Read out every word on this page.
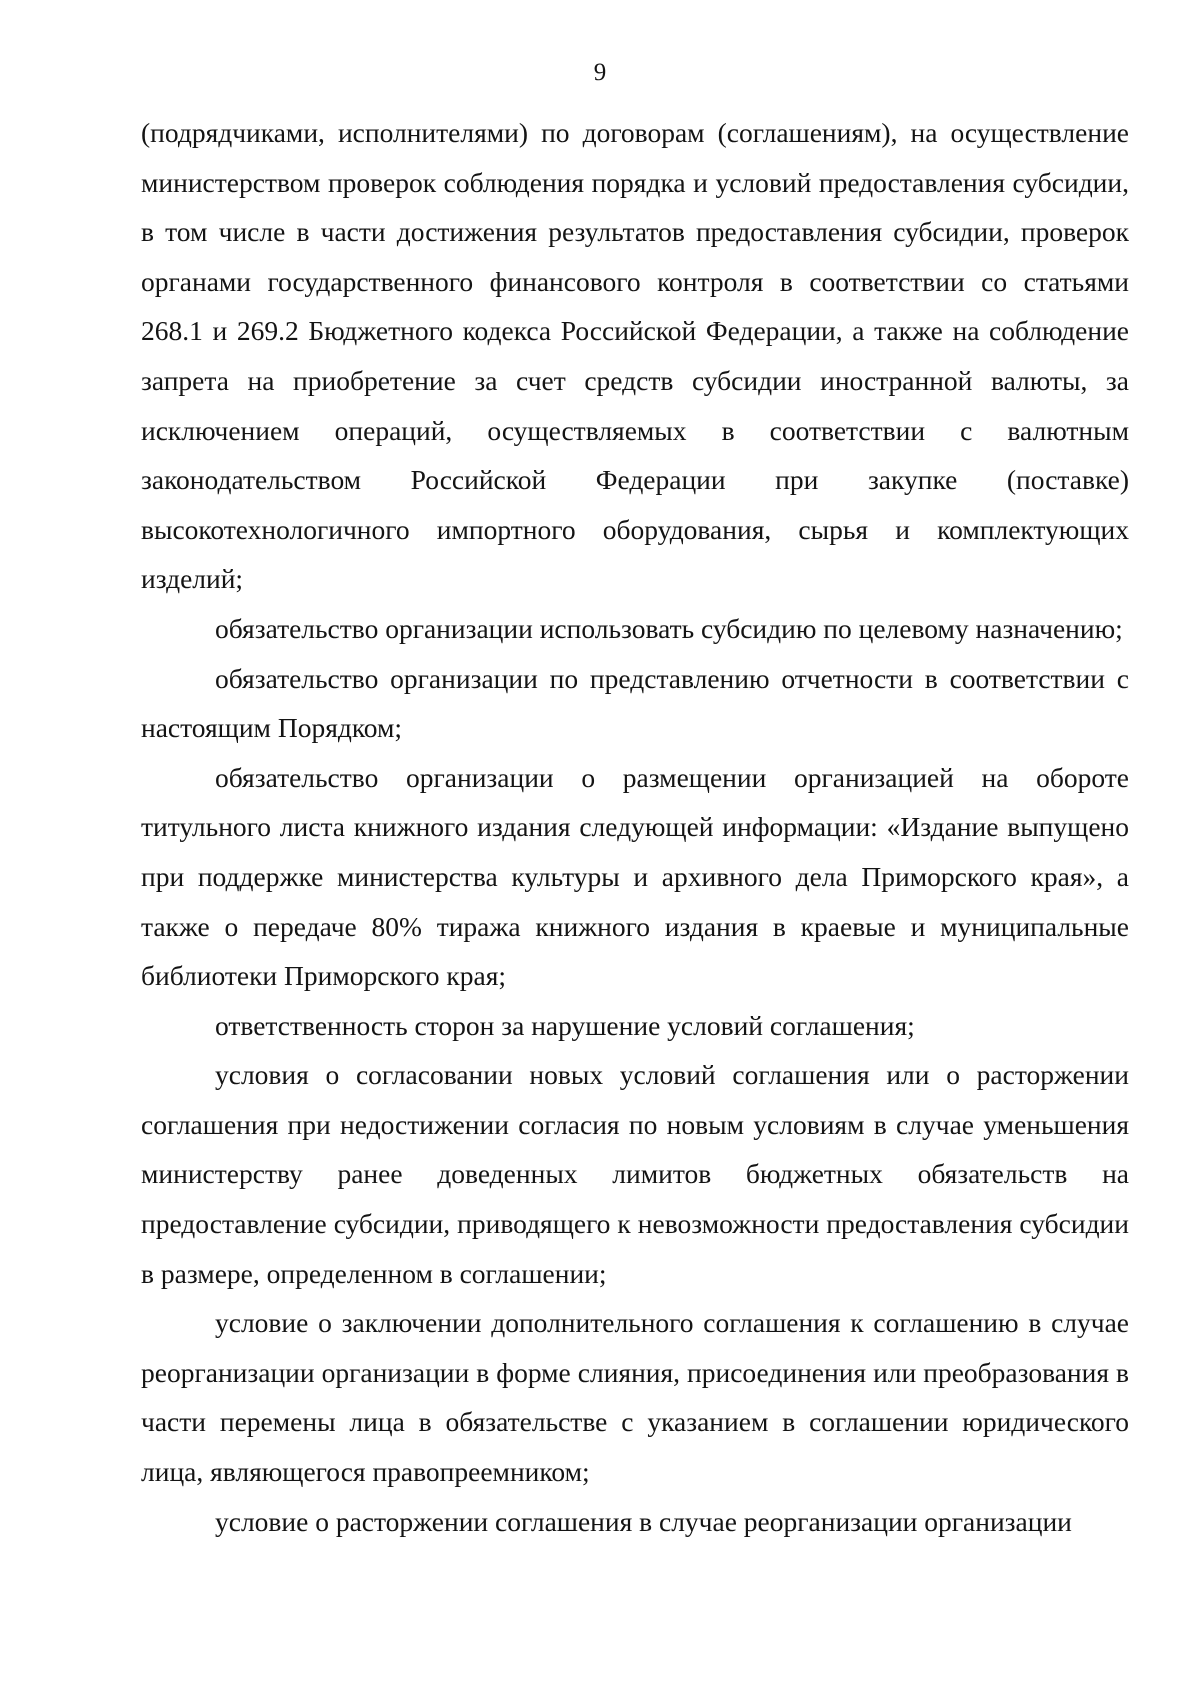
9

(подрядчиками, исполнителями) по договорам (соглашениям), на осуществление министерством проверок соблюдения порядка и условий предоставления субсидии, в том числе в части достижения результатов предоставления субсидии, проверок органами государственного финансового контроля в соответствии со статьями 268.1 и 269.2 Бюджетного кодекса Российской Федерации, а также на соблюдение запрета на приобретение за счет средств субсидии иностранной валюты, за исключением операций, осуществляемых в соответствии с валютным законодательством Российской Федерации при закупке (поставке) высокотехнологичного импортного оборудования, сырья и комплектующих изделий;

обязательство организации использовать субсидию по целевому назначению;

обязательство организации по представлению отчетности в соответствии с настоящим Порядком;

обязательство организации о размещении организацией на обороте титульного листа книжного издания следующей информации: «Издание выпущено при поддержке министерства культуры и архивного дела Приморского края», а также о передаче 80% тиража книжного издания в краевые и муниципальные библиотеки Приморского края;

ответственность сторон за нарушение условий соглашения;

условия о согласовании новых условий соглашения или о расторжении соглашения при недостижении согласия по новым условиям в случае уменьшения министерству ранее доведенных лимитов бюджетных обязательств на предоставление субсидии, приводящего к невозможности предоставления субсидии в размере, определенном в соглашении;

условие о заключении дополнительного соглашения к соглашению в случае реорганизации организации в форме слияния, присоединения или преобразования в части перемены лица в обязательстве с указанием в соглашении юридического лица, являющегося правопреемником;

условие о расторжении соглашения в случае реорганизации организации
